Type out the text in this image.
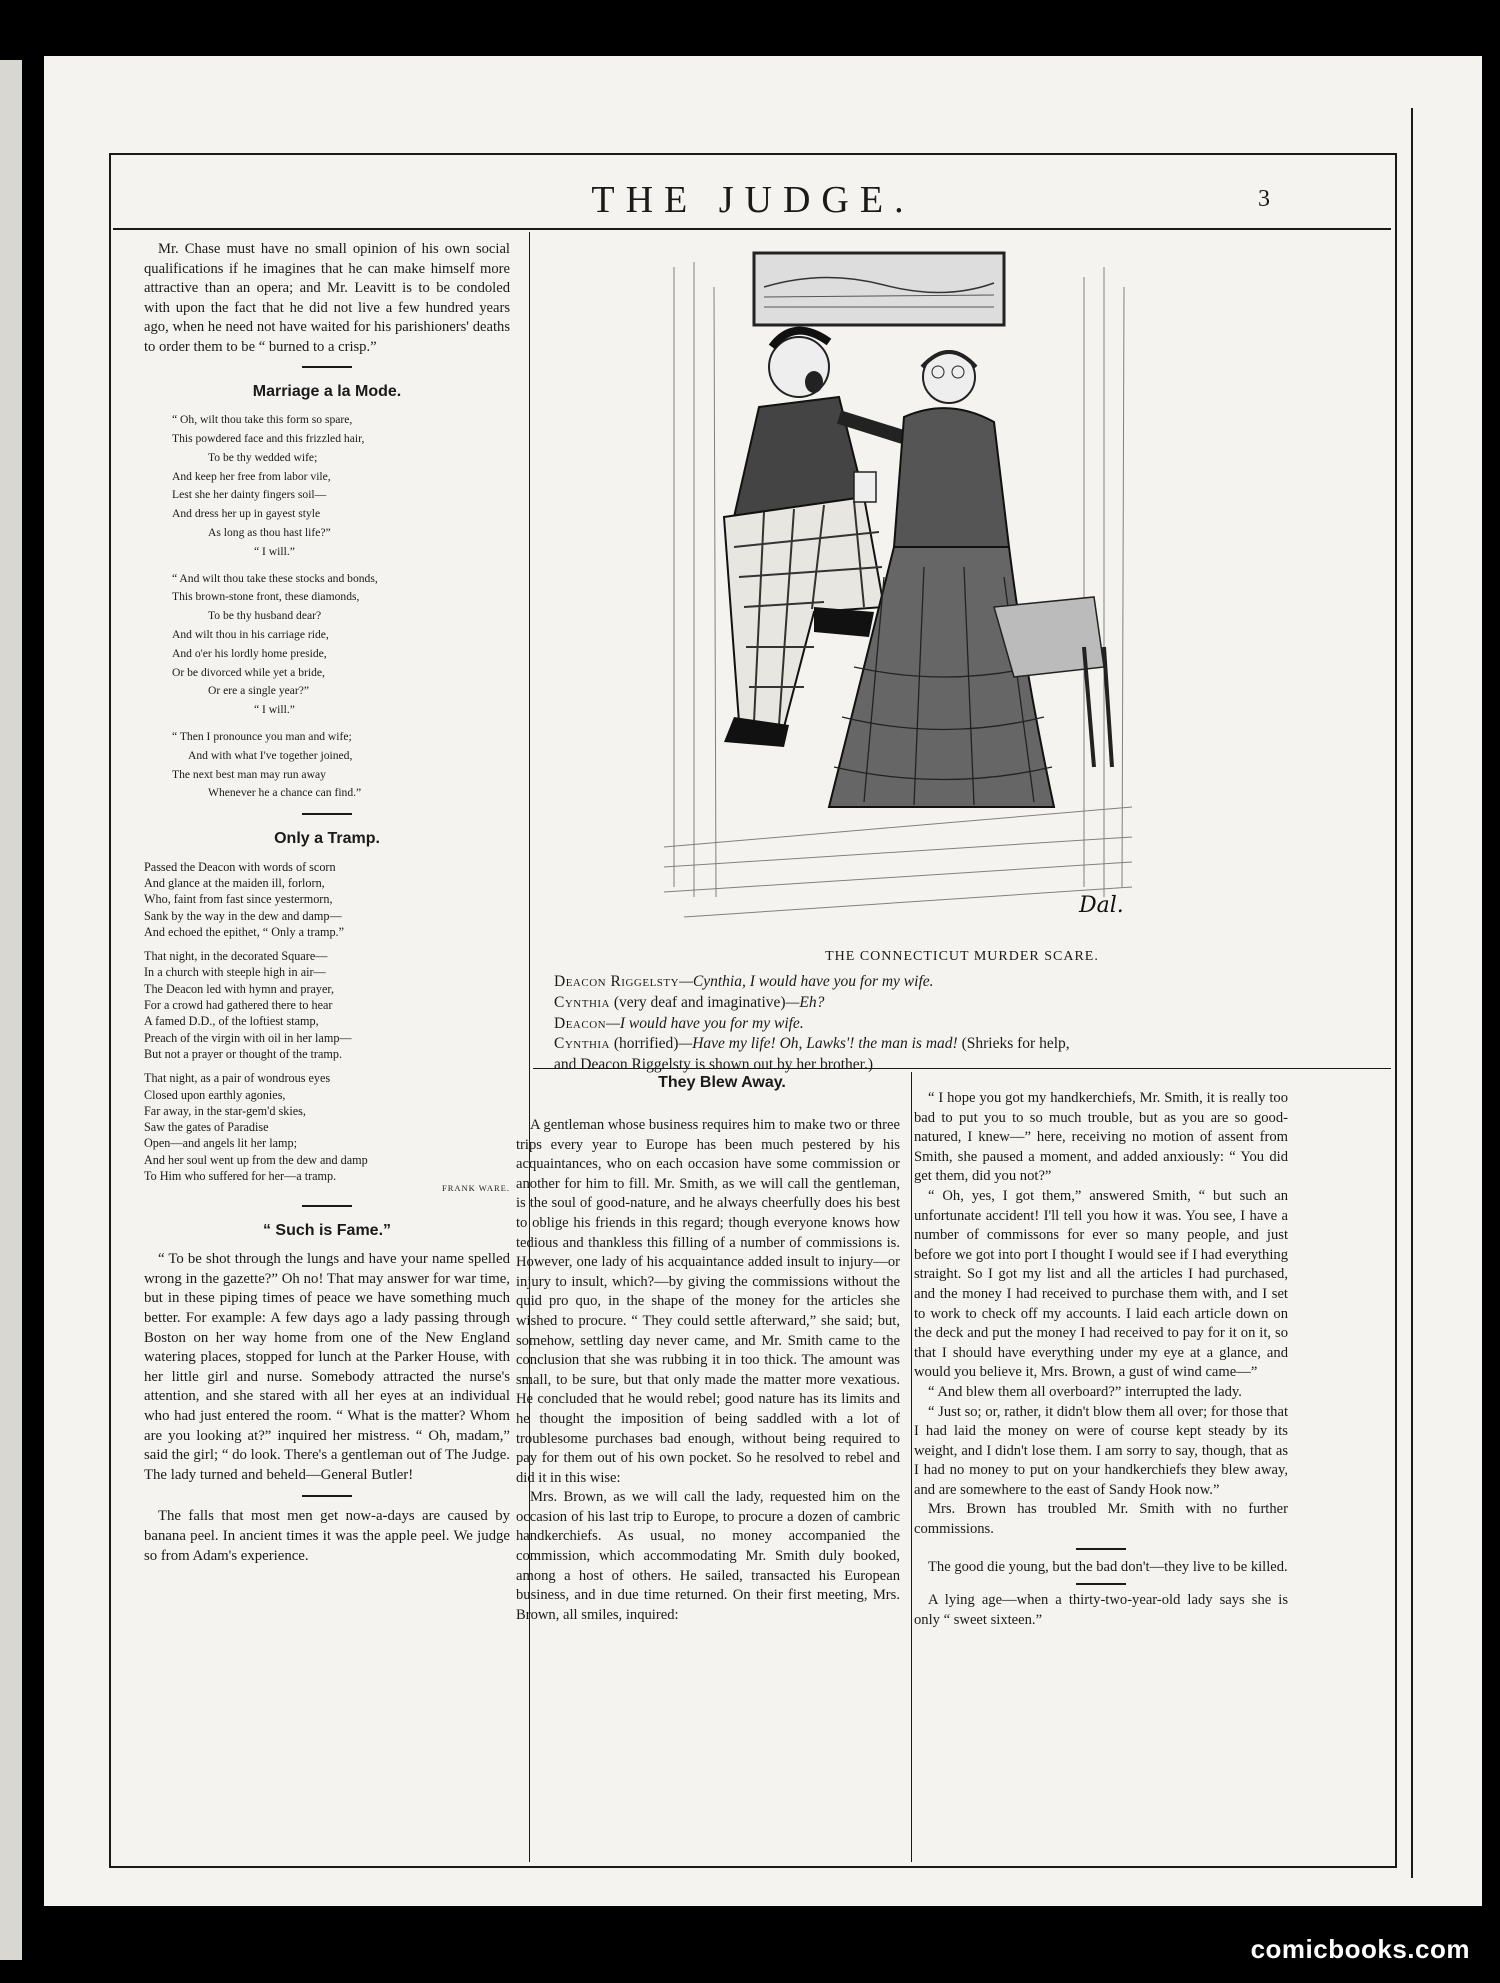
THE JUDGE.	3

Mr. Chase must have no small opinion of his own social qualifications if he imagines that he can make himself more attractive than an opera; and Mr. Leavitt is to be condoled with upon the fact that he did not live a few hundred years ago, when he need not have waited for his parishioners' deaths to order them to be “ burned to a crisp.”

Marriage a la Mode.
“ Oh, wilt thou take this form so spare,
This powdered face and this frizzled hair,
To be thy wedded wife;
And keep her free from labor vile,
Lest she her dainty fingers soil—
And dress her up in gayest style
As long as thou hast life?”
“ I will.”
“ And wilt thou take these stocks and bonds,
This brown-stone front, these diamonds,
To be thy husband dear?
And wilt thou in his carriage ride,
And o'er his lordly home preside,
Or be divorced while yet a bride,
Or ere a single year?”
“ I will.”
“ Then I pronounce you man and wife;
And with what I've together joined,
The next best man may run away
Whenever he a chance can find.”
Only a Tramp.
Passed the Deacon with words of scorn
And glance at the maiden ill, forlorn,
Who, faint from fast since yestermorn,
Sank by the way in the dew and damp—
And echoed the epithet, “ Only a tramp.”
That night, in the decorated Square—
In a church with steeple high in air—
The Deacon led with hymn and prayer,
For a crowd had gathered there to hear
A famed D.D., of the loftiest stamp,
Preach of the virgin with oil in her lamp—
But not a prayer or thought of the tramp.
That night, as a pair of wondrous eyes
Closed upon earthly agonies,
Far away, in the star-gem'd skies,
Saw the gates of Paradise
Open—and angels lit her lamp;
And her soul went up from the dew and damp
To Him who suffered for her—a tramp.
FRANK WARE.
“ Such is Fame.”

“ To be shot through the lungs and have your name spelled wrong in the gazette?” Oh no! That may answer for war time, but in these piping times of peace we have something much better. For example: A few days ago a lady passing through Boston on her way home from one of the New England watering places, stopped for lunch at the Parker House, with her little girl and nurse. Somebody attracted the nurse's attention, and she stared with all her eyes at an individual who had just entered the room. “ What is the matter? Whom are you looking at?” inquired her mistress. “ Oh, madam,” said the girl; “ do look. There's a gentleman out of The Judge. The lady turned and beheld—General Butler!

The falls that most men get now-a-days are caused by banana peel. In ancient times it was the apple peel. We judge so from Adam's experience.

Dal.
THE CONNECTICUT MURDER SCARE.
Deacon Riggelsty—Cynthia, I would have you for my wife.
Cynthia (very deaf and imaginative)—Eh?
Deacon—I would have you for my wife.
Cynthia (horrified)—Have my life! Oh, Lawks'! the man is mad! (Shrieks for help,
and Deacon Riggelsty is shown out by her brother.)
They Blew Away.

A gentleman whose business requires him to make two or three trips every year to Europe has been much pestered by his acquaintances, who on each occasion have some commission or another for him to fill. Mr. Smith, as we will call the gentleman, is the soul of good-nature, and he always cheerfully does his best to oblige his friends in this regard; though everyone knows how tedious and thankless this filling of a number of commissions is. However, one lady of his acquaintance added insult to injury—or injury to insult, which?—by giving the commissions without the quid pro quo, in the shape of the money for the articles she wished to procure. “ They could settle afterward,” she said; but, somehow, settling day never came, and Mr. Smith came to the conclusion that she was rubbing it in too thick. The amount was small, to be sure, but that only made the matter more vexatious. He concluded that he would rebel; good nature has its limits and he thought the imposition of being saddled with a lot of troublesome purchases bad enough, without being required to pay for them out of his own pocket. So he resolved to rebel and did it in this wise:

Mrs. Brown, as we will call the lady, requested him on the occasion of his last trip to Europe, to procure a dozen of cambric handkerchiefs. As usual, no money accompanied the commission, which accommodating Mr. Smith duly booked, among a host of others. He sailed, transacted his European business, and in due time returned. On their first meeting, Mrs. Brown, all smiles, inquired:

“ I hope you got my handkerchiefs, Mr. Smith, it is really too bad to put you to so much trouble, but as you are so good-natured, I knew—” here, receiving no motion of assent from Smith, she paused a moment, and added anxiously: “ You did get them, did you not?”

“ Oh, yes, I got them,” answered Smith, “ but such an unfortunate accident! I'll tell you how it was. You see, I have a number of commissons for ever so many people, and just before we got into port I thought I would see if I had everything straight. So I got my list and all the articles I had purchased, and the money I had received to purchase them with, and I set to work to check off my accounts. I laid each article down on the deck and put the money I had received to pay for it on it, so that I should have everything under my eye at a glance, and would you believe it, Mrs. Brown, a gust of wind came—”

“ And blew them all overboard?” interrupted the lady.

“ Just so; or, rather, it didn't blow them all over; for those that I had laid the money on were of course kept steady by its weight, and I didn't lose them. I am sorry to say, though, that as I had no money to put on your handkerchiefs they blew away, and are somewhere to the east of Sandy Hook now.”

Mrs. Brown has troubled Mr. Smith with no further commissions.

The good die young, but the bad don't—they live to be killed.

A lying age—when a thirty-two-year-old lady says she is only “ sweet sixteen.”

comicbooks.com
